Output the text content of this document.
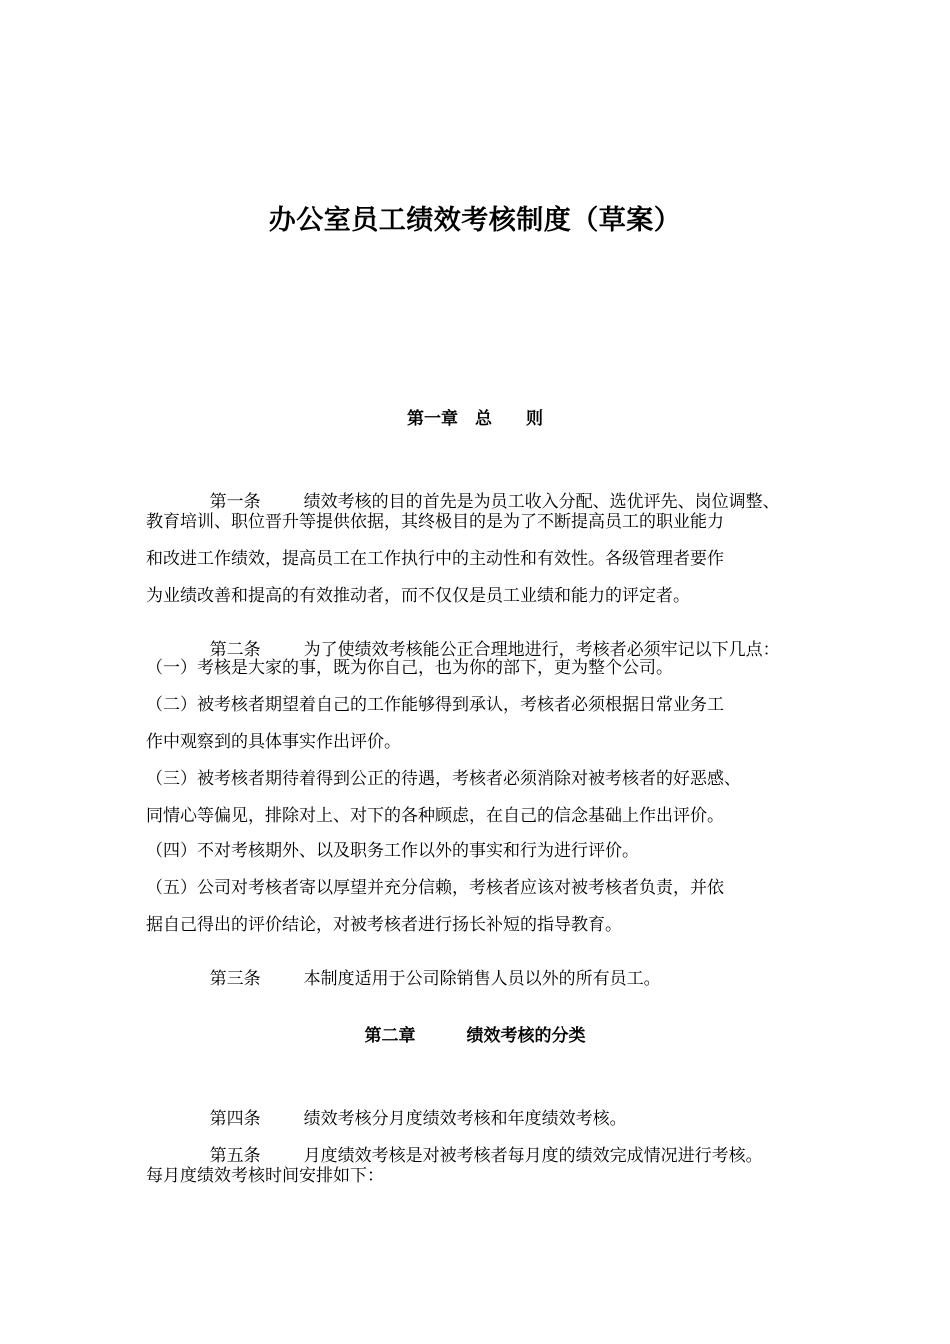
办公室员工绩效考核制度（草案）
第一章　总　　则

第一条	绩效考核的目的首先是为员工收入分配、选优评先、岗位调整、

教育培训、职位晋升等提供依据，其终极目的是为了不断提高员工的职业能力
和改进工作绩效，提高员工在工作执行中的主动性和有效性。各级管理者要作
为业绩改善和提高的有效推动者，而不仅仅是员工业绩和能力的评定者。

第二条	为了使绩效考核能公正合理地进行，考核者必须牢记以下几点：

（一）考核是大家的事，既为你自己，也为你的部下，更为整个公司。
（二）被考核者期望着自己的工作能够得到承认，考核者必须根据日常业务工
作中观察到的具体事实作出评价。
（三）被考核者期待着得到公正的待遇，考核者必须消除对被考核者的好恶感、
同情心等偏见，排除对上、对下的各种顾虑，在自己的信念基础上作出评价。
（四）不对考核期外、以及职务工作以外的事实和行为进行评价。
（五）公司对考核者寄以厚望并充分信赖，考核者应该对被考核者负责，并依
据自己得出的评价结论，对被考核者进行扬长补短的指导教育。

第三条	本制度适用于公司除销售人员以外的所有员工。

第二章　　　绩效考核的分类

第四条	绩效考核分月度绩效考核和年度绩效考核。

第五条	月度绩效考核是对被考核者每月度的绩效完成情况进行考核。

每月度绩效考核时间安排如下：
